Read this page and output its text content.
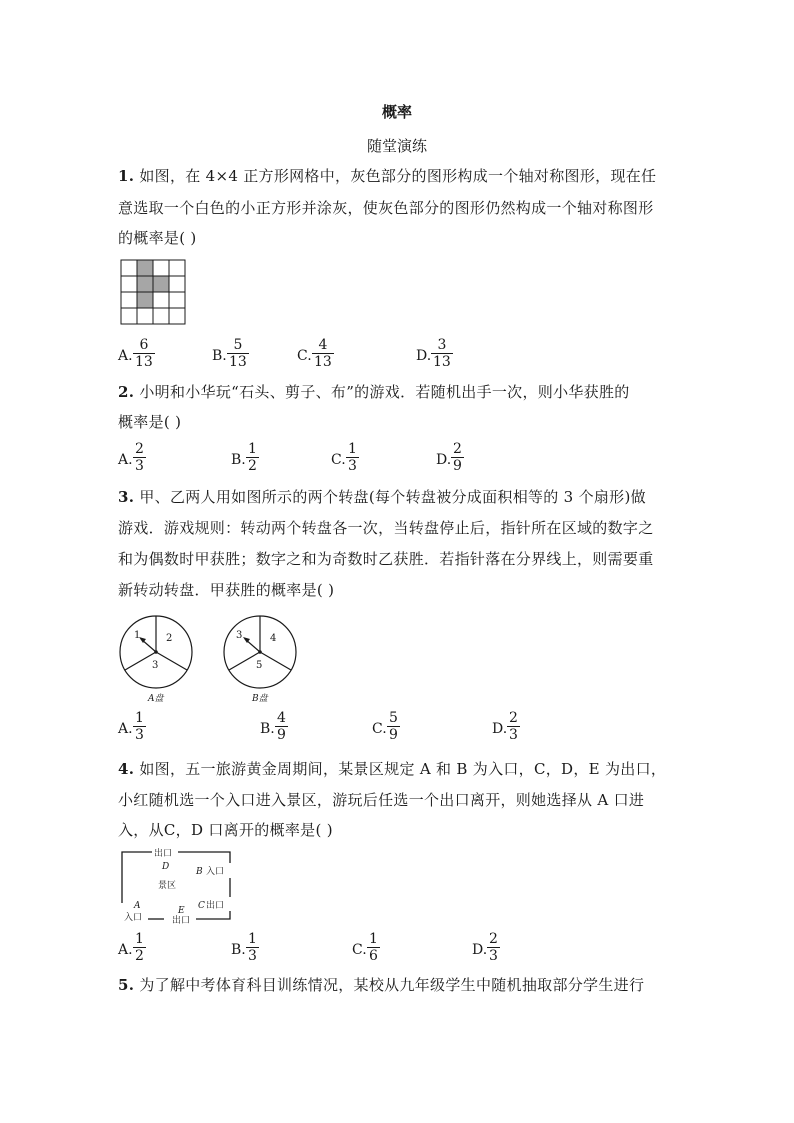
概率
随堂演练
1. 如图，在 4×4 正方形网格中，灰色部分的图形构成一个轴对称图形，现在任
意选取一个白色的小正方形并涂灰，使灰色部分的图形仍然构成一个轴对称图形
的概率是( )
A. $\frac{6}{13}$	B. $\frac{5}{13}$	C. $\frac{4}{13}$	D. $\frac{3}{13}$
2. 小明和小华玩“石头、剪子、布”的游戏．若随机出手一次，则小华获胜的
概率是( )
A. $\frac{2}{3}$	B. $\frac{1}{2}$	C. $\frac{1}{3}$	D. $\frac{2}{9}$
3. 甲、乙两人用如图所示的两个转盘(每个转盘被分成面积相等的 3 个扇形)做
游戏．游戏规则：转动两个转盘各一次，当转盘停止后，指针所在区域的数字之
和为偶数时甲获胜；数字之和为奇数时乙获胜．若指针落在分界线上，则需要重
新转动转盘．甲获胜的概率是( )
1	2
3
A盘
3	4
5
B盘
A. $\frac{1}{3}$	B. $\frac{4}{9}$	C. $\frac{5}{9}$	D. $\frac{2}{3}$
4. 如图，五一旅游黄金周期间，某景区规定 A 和 B 为入口，C，D，E 为出口，
小红随机选一个入口进入景区，游玩后任选一个出口离开，则她选择从 A 口进
入，从C，D 口离开的概率是( )
出口
D
景区
B 入口
A
入口
E
出口
C 出口
A. $\frac{1}{2}$	B. $\frac{1}{3}$	C. $\frac{1}{6}$	D. $\frac{2}{3}$
5. 为了解中考体育科目训练情况，某校从九年级学生中随机抽取部分学生进行
